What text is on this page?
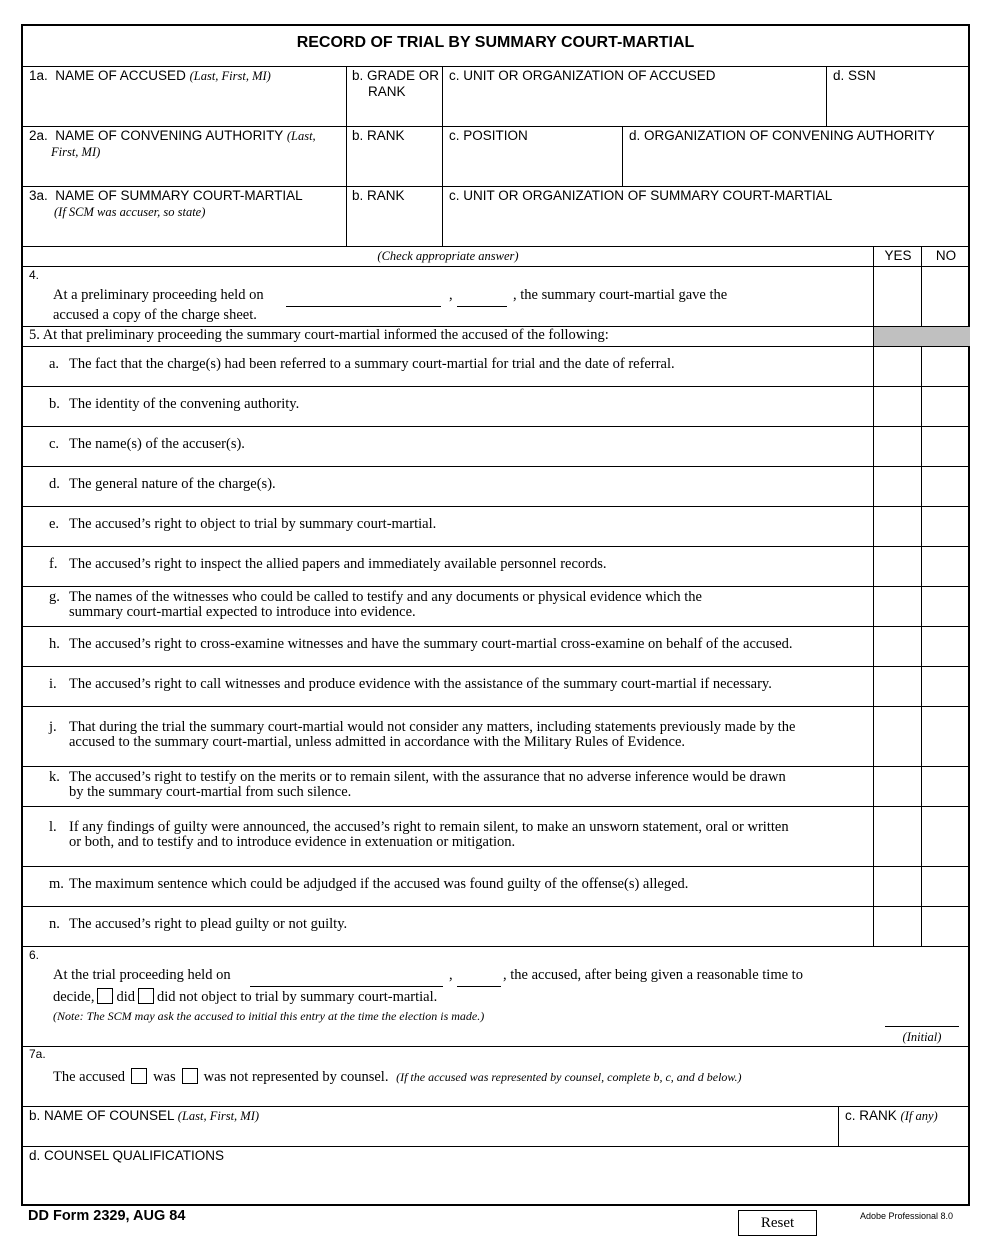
RECORD OF TRIAL BY SUMMARY COURT-MARTIAL
1a. NAME OF ACCUSED (Last, First, MI)	b. GRADE OR
RANK
c. UNIT OR ORGANIZATION OF ACCUSED	d. SSN
2a. NAME OF CONVENING AUTHORITY (Last,
First, MI)
b. RANK	c. POSITION	d. ORGANIZATION OF CONVENING AUTHORITY
3a. NAME OF SUMMARY COURT-MARTIAL
(If SCM was accuser, so state)
b. RANK	c. UNIT OR ORGANIZATION OF SUMMARY COURT-MARTIAL
(Check appropriate answer)	YES	NO
4.
At a preliminary proceeding held on	,	, the summary court-martial gave the
accused a copy of the charge sheet.
5. At that preliminary proceeding the summary court-martial informed the accused of the following:
a. The fact that the charge(s) had been referred to a summary court-martial for trial and the date of referral.
b. The identity of the convening authority.
c. The name(s) of the accuser(s).
d. The general nature of the charge(s).
e. The accused’s right to object to trial by summary court-martial.
f. The accused’s right to inspect the allied papers and immediately available personnel records.
g. The names of the witnesses who could be called to testify and any documents or physical evidence which the
summary court-martial expected to introduce into evidence.
h. The accused’s right to cross-examine witnesses and have the summary court-martial cross-examine on behalf of the accused.
i. The accused’s right to call witnesses and produce evidence with the assistance of the summary court-martial if necessary.
j. That during the trial the summary court-martial would not consider any matters, including statements previously made by the
accused to the summary court-martial, unless admitted in accordance with the Military Rules of Evidence.
k. The accused’s right to testify on the merits or to remain silent, with the assurance that no adverse inference would be drawn
by the summary court-martial from such silence.
l. If any findings of guilty were announced, the accused’s right to remain silent, to make an unsworn statement, oral or written
or both, and to testify and to introduce evidence in extenuation or mitigation.
m. The maximum sentence which could be adjudged if the accused was found guilty of the offense(s) alleged.
n. The accused’s right to plead guilty or not guilty.
6.
At the trial proceeding held on	,	, the accused, after being given a reasonable time to
decide, did did not object to trial by summary court-martial.
(Note: The SCM may ask the accused to initial this entry at the time the election is made.)
(Initial)
7a.
The accused was was not represented by counsel. (If the accused was represented by counsel, complete b, c, and d below.)
b. NAME OF COUNSEL (Last, First, MI)	c. RANK (If any)
d. COUNSEL QUALIFICATIONS
DD Form 2329, AUG 84	Reset	Adobe Professional 8.0
